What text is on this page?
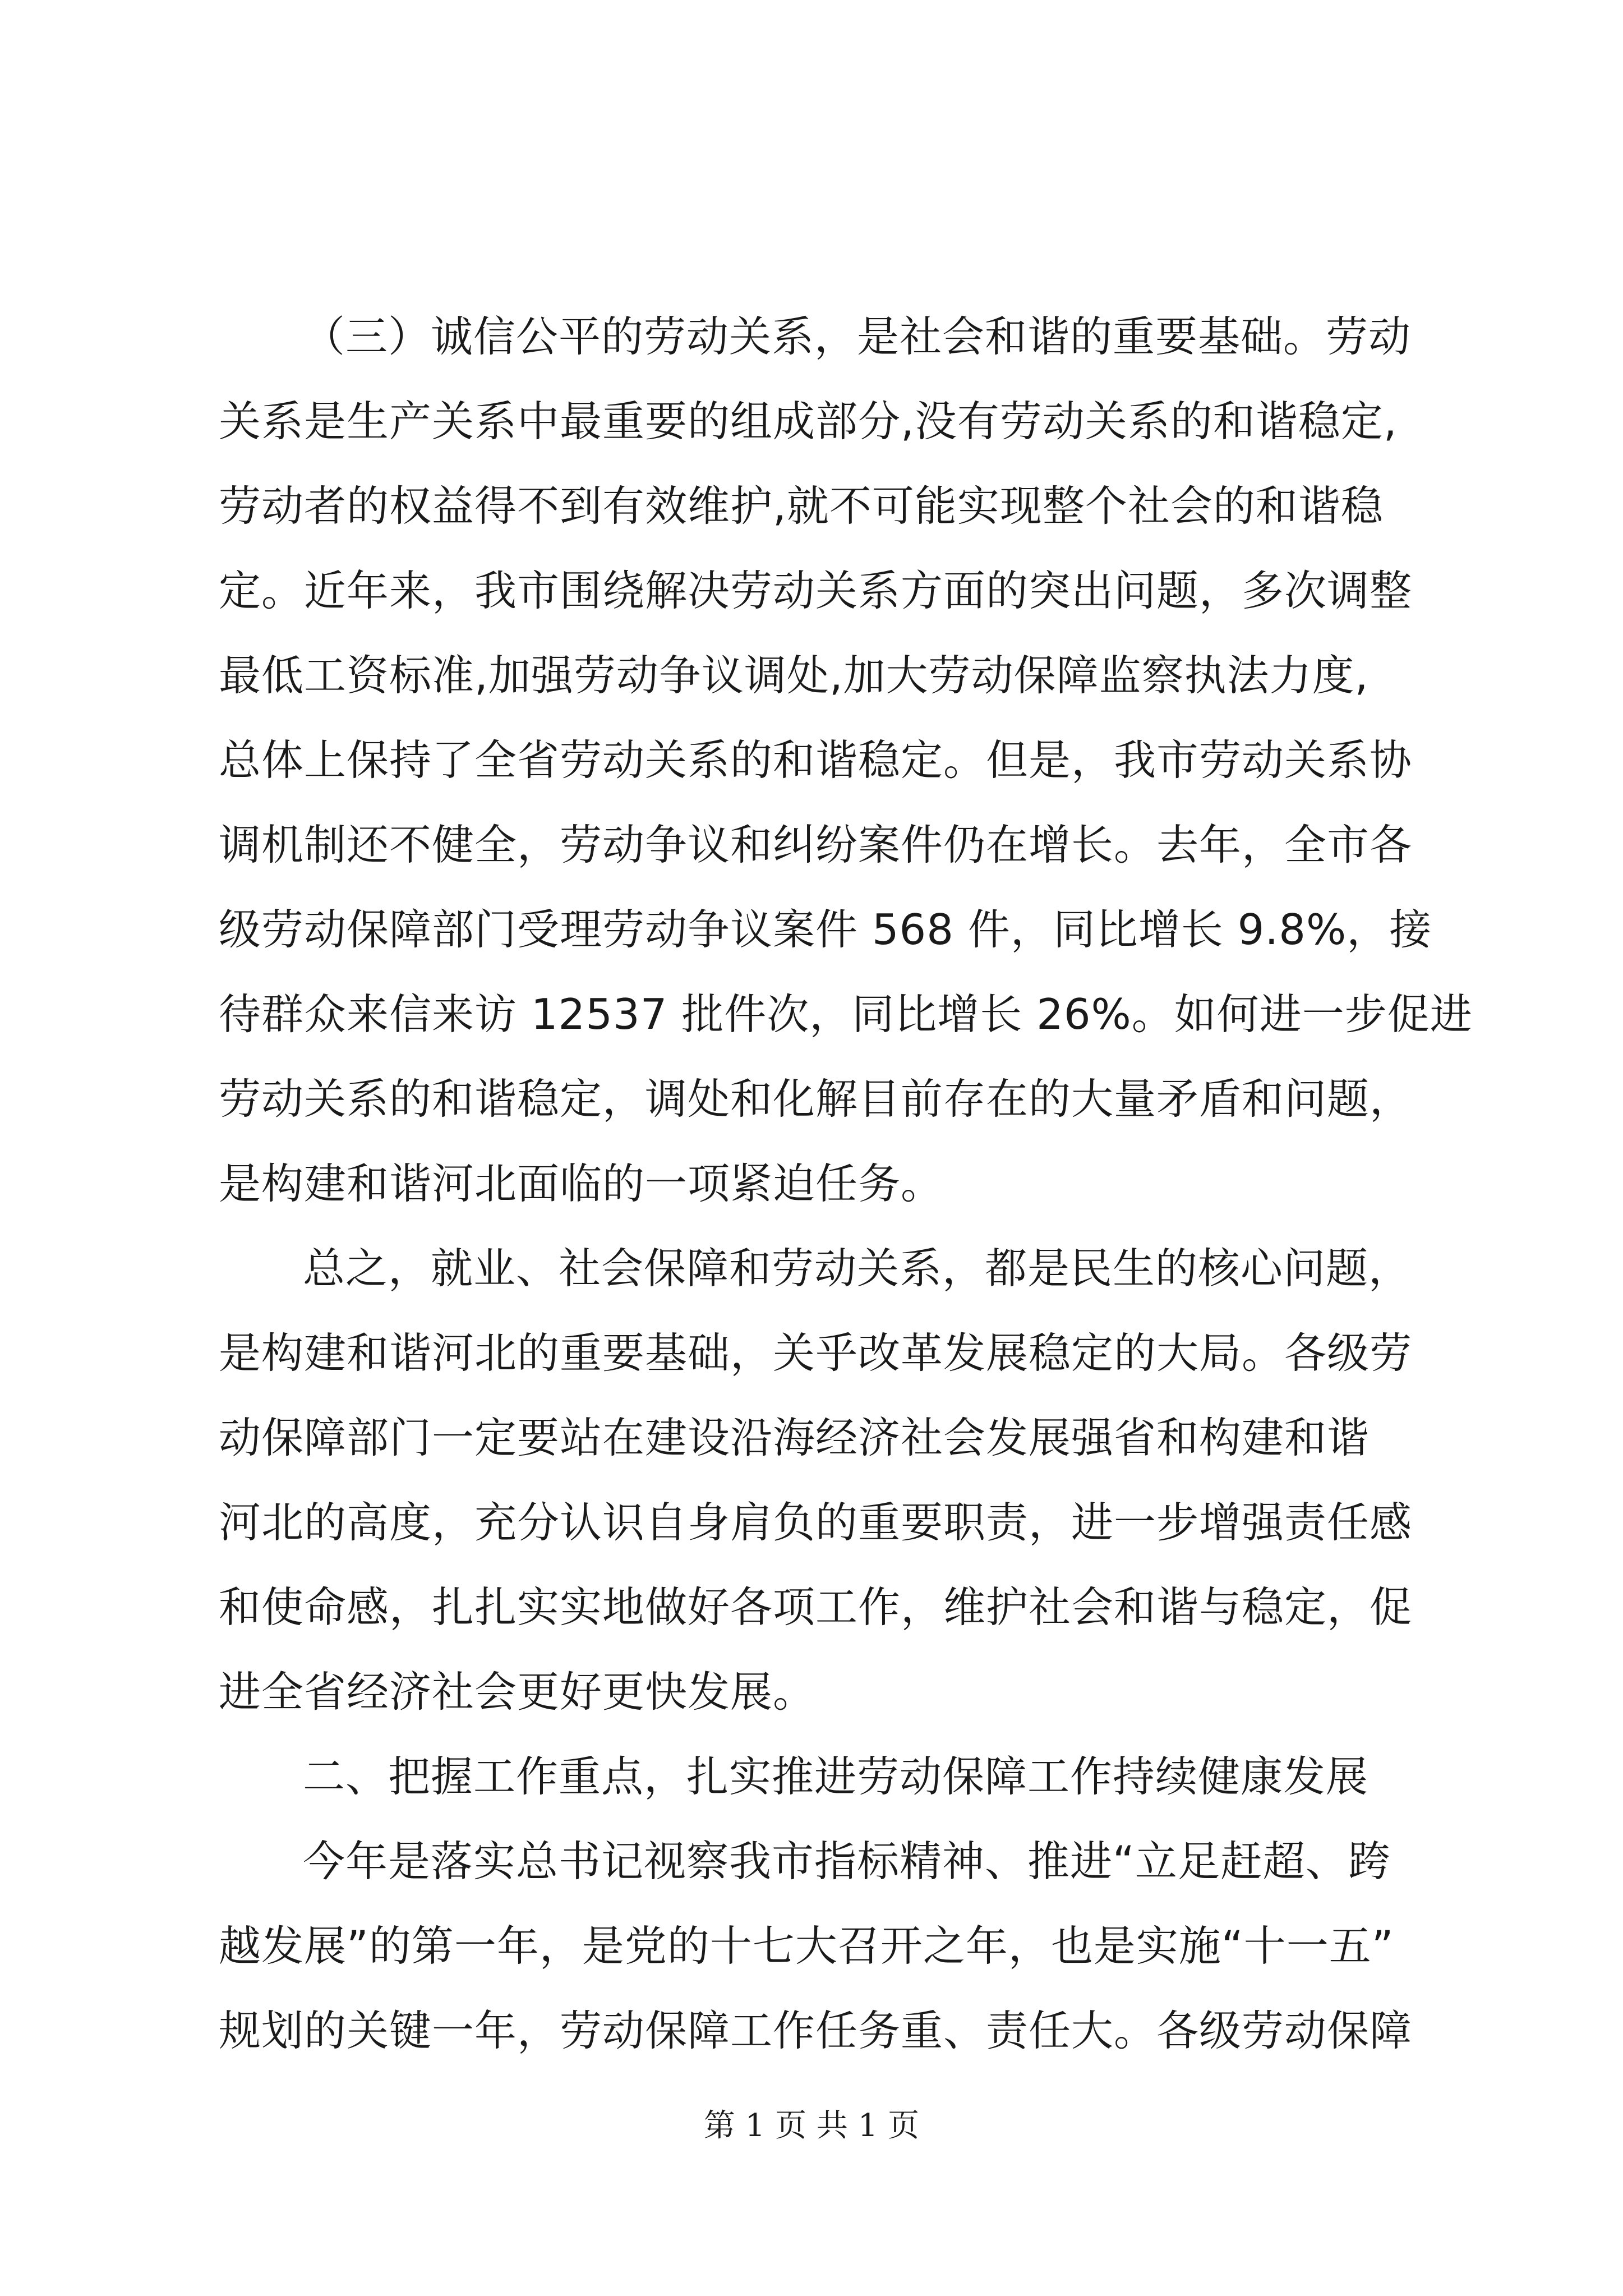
（三）诚信公平的劳动关系，是社会和谐的重要基础。劳动
关系是生产关系中最重要的组成部分,没有劳动关系的和谐稳定,
劳动者的权益得不到有效维护,就不可能实现整个社会的和谐稳
定。近年来，我市围绕解决劳动关系方面的突出问题，多次调整
最低工资标准,加强劳动争议调处,加大劳动保障监察执法力度,
总体上保持了全省劳动关系的和谐稳定。但是，我市劳动关系协
调机制还不健全，劳动争议和纠纷案件仍在增长。去年，全市各
级劳动保障部门受理劳动争议案件 568 件，同比增长 9.8%，接
待群众来信来访 12537 批件次，同比增长 26%。如何进一步促进
劳动关系的和谐稳定，调处和化解目前存在的大量矛盾和问题，
是构建和谐河北面临的一项紧迫任务。
总之，就业、社会保障和劳动关系，都是民生的核心问题，
是构建和谐河北的重要基础，关乎改革发展稳定的大局。各级劳
动保障部门一定要站在建设沿海经济社会发展强省和构建和谐
河北的高度，充分认识自身肩负的重要职责，进一步增强责任感
和使命感，扎扎实实地做好各项工作，维护社会和谐与稳定，促
进全省经济社会更好更快发展。
二、把握工作重点，扎实推进劳动保障工作持续健康发展
今年是落实总书记视察我市指标精神、推进“立足赶超、跨
越发展”的第一年，是党的十七大召开之年，也是实施“十一五”
规划的关键一年，劳动保障工作任务重、责任大。各级劳动保障
第 1 页 共 1 页
